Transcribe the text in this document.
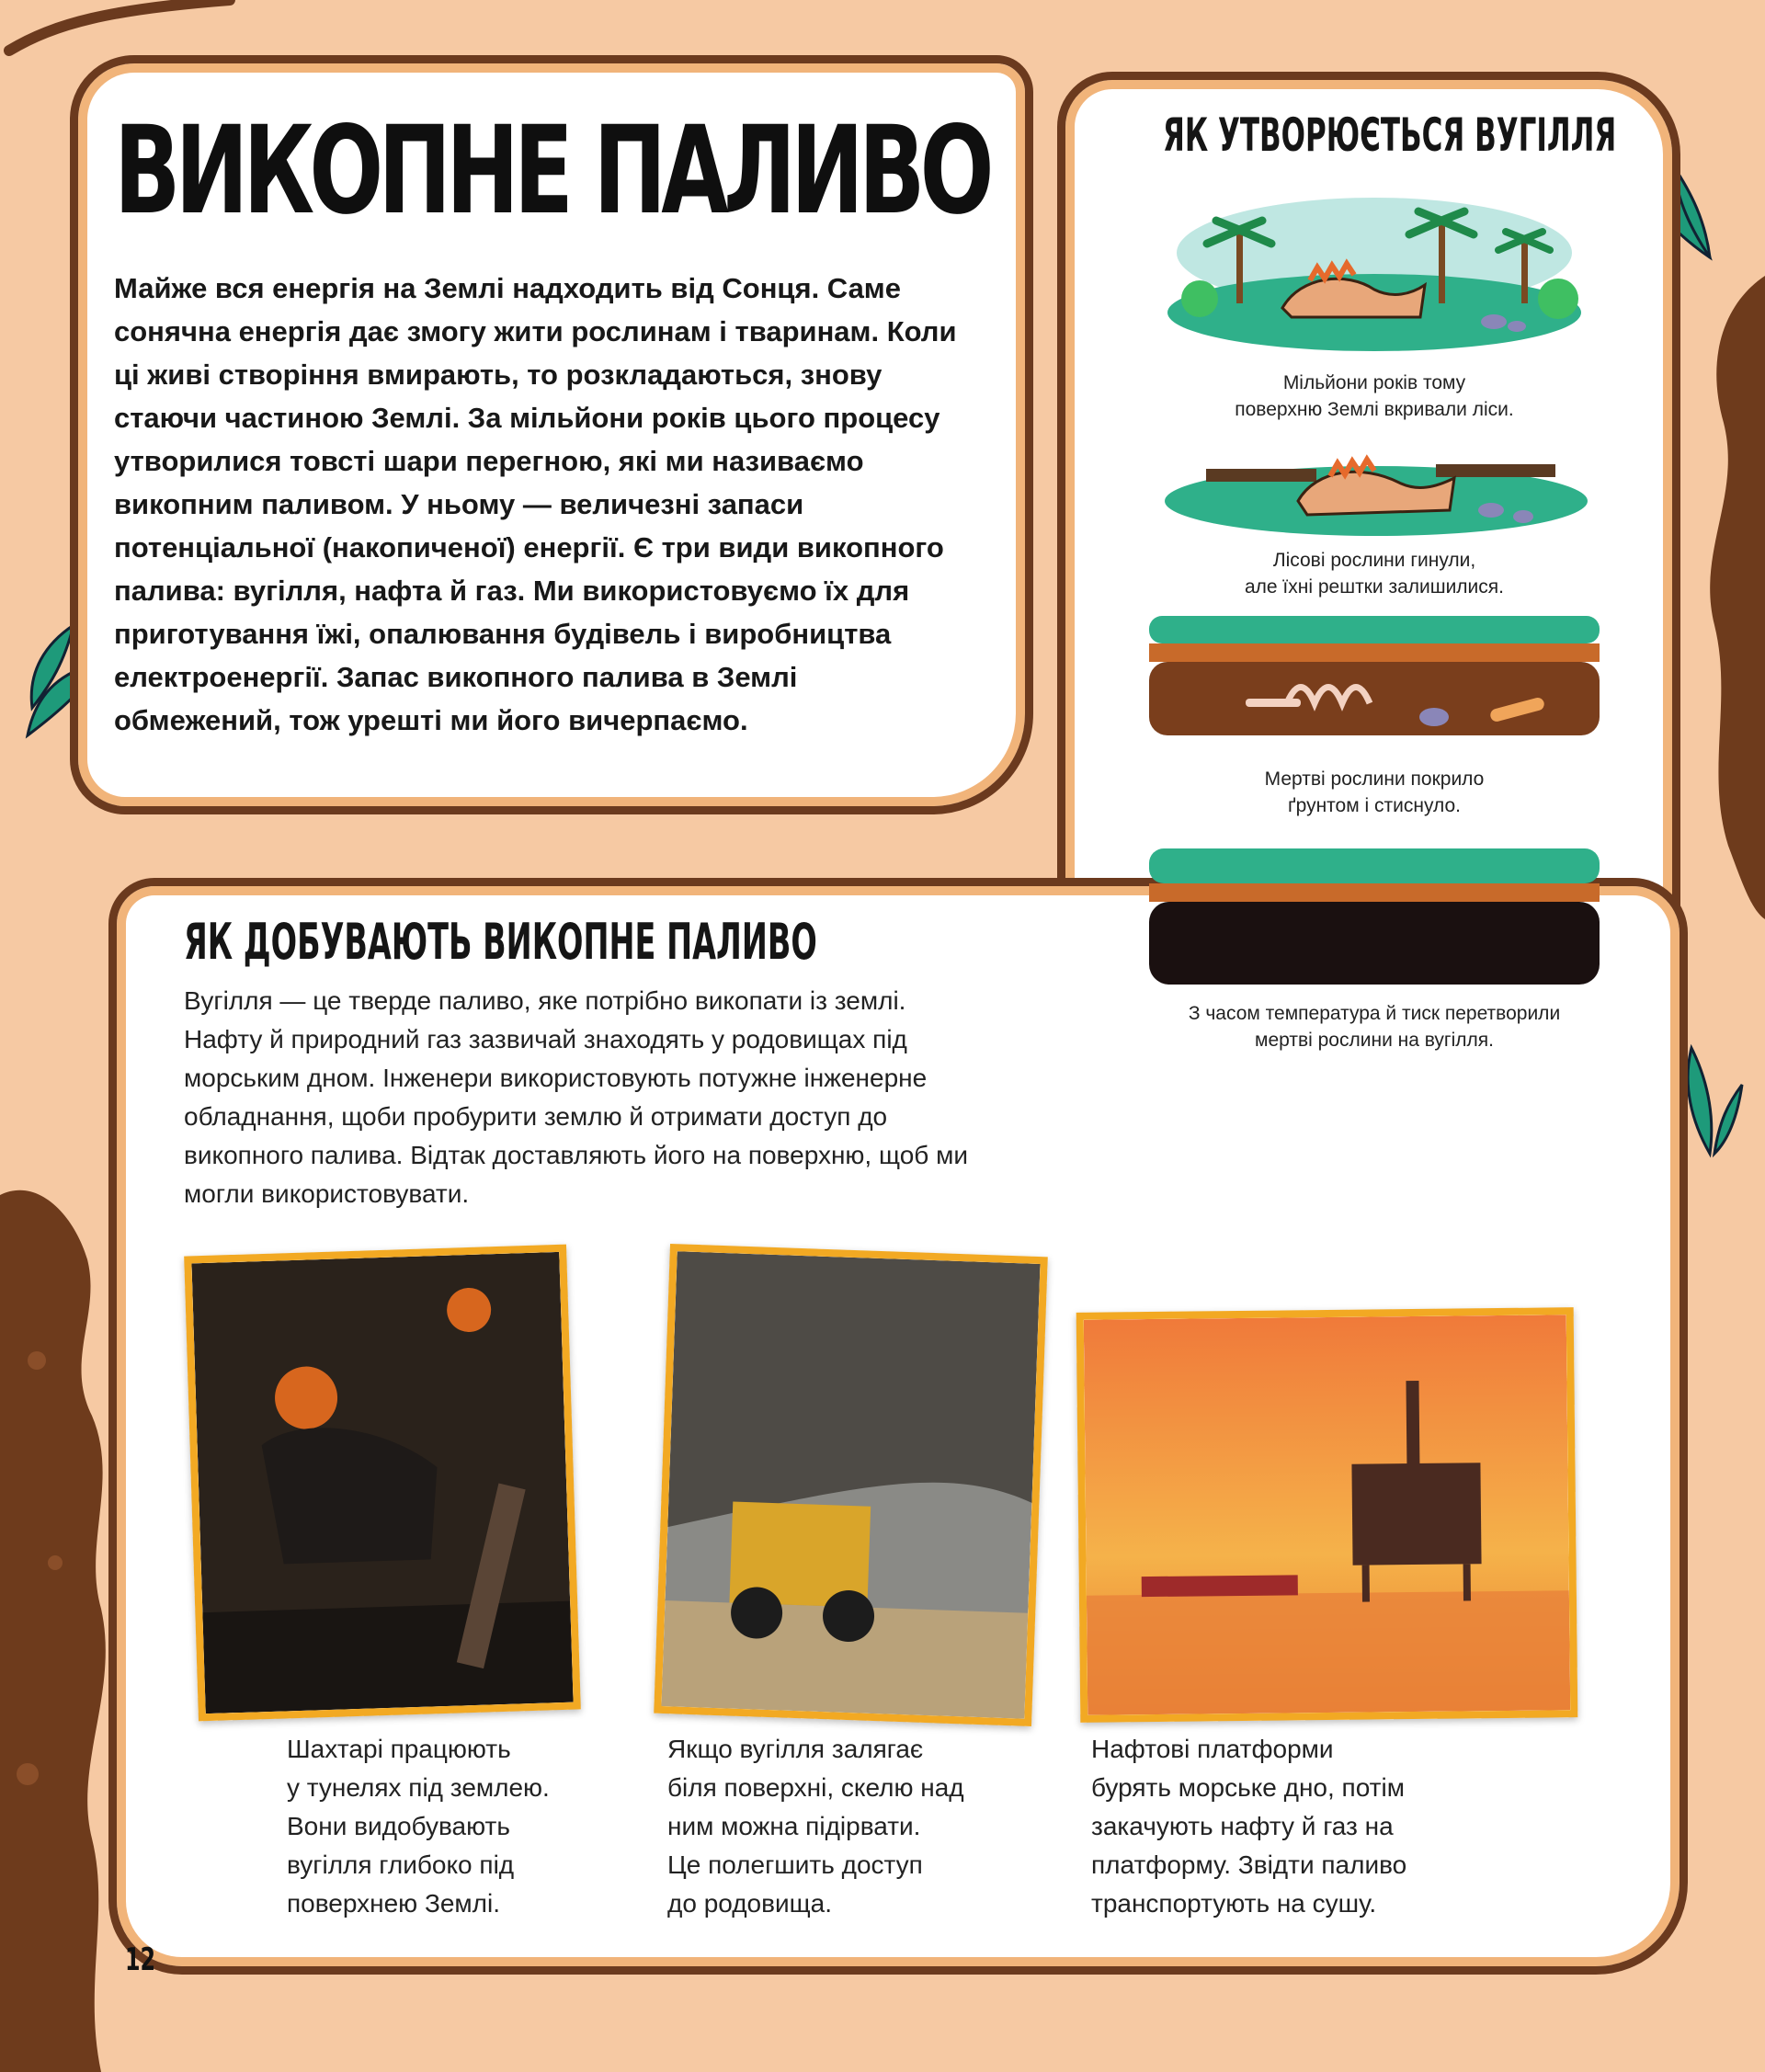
ВИКОПНЕ ПАЛИВО

Майже вся енергія на Землі надходить від Сонця. Саме сонячна енергія дає змогу жити рослинам і тваринам. Коли ці живі створіння вмирають, то розкладаються, знову стаючи частиною Землі. За мільйони років цього процесу утворилися товсті шари перегною, які ми називаємо викопним паливом. У ньому — величезні запаси потенціальної (накопиченої) енергії. Є три види викопного палива: вугілля, нафта й газ. Ми використовуємо їх для приготування їжі, опалювання будівель і виробництва електроенергії. Запас викопного палива в Землі обмежений, тож урешті ми його вичерпаємо.

ЯК УТВОРЮЄТЬСЯ ВУГІЛЛЯ

Мільйони років тому
поверхню Землі вкривали ліси.

Лісові рослини гинули,
але їхні рештки залишилися.

Мертві рослини покрило
ґрунтом і стиснуло.

З часом температура й тиск перетворили
мертві рослини на вугілля.

ЯК ДОБУВАЮТЬ ВИКОПНЕ ПАЛИВО

Вугілля — це тверде паливо, яке потрібно викопати із землі. Нафту й природний газ зазвичай знаходять у родовищах під морським дном. Інженери використовують потужне інженерне обладнання, щоби пробурити землю й отримати доступ до викопного палива. Відтак доставляють його на поверхню, щоб ми могли використовувати.

Шахтарі працюють
у тунелях під землею.
Вони видобувають
вугілля глибоко під
поверхнею Землі.

Якщо вугілля залягає
біля поверхні, скелю над
ним можна підірвати.
Це полегшить доступ
до родовища.

Нафтові платформи
бурять морське дно, потім
закачують нафту й газ на
платформу. Звідти паливо
транспортують на сушу.

12
